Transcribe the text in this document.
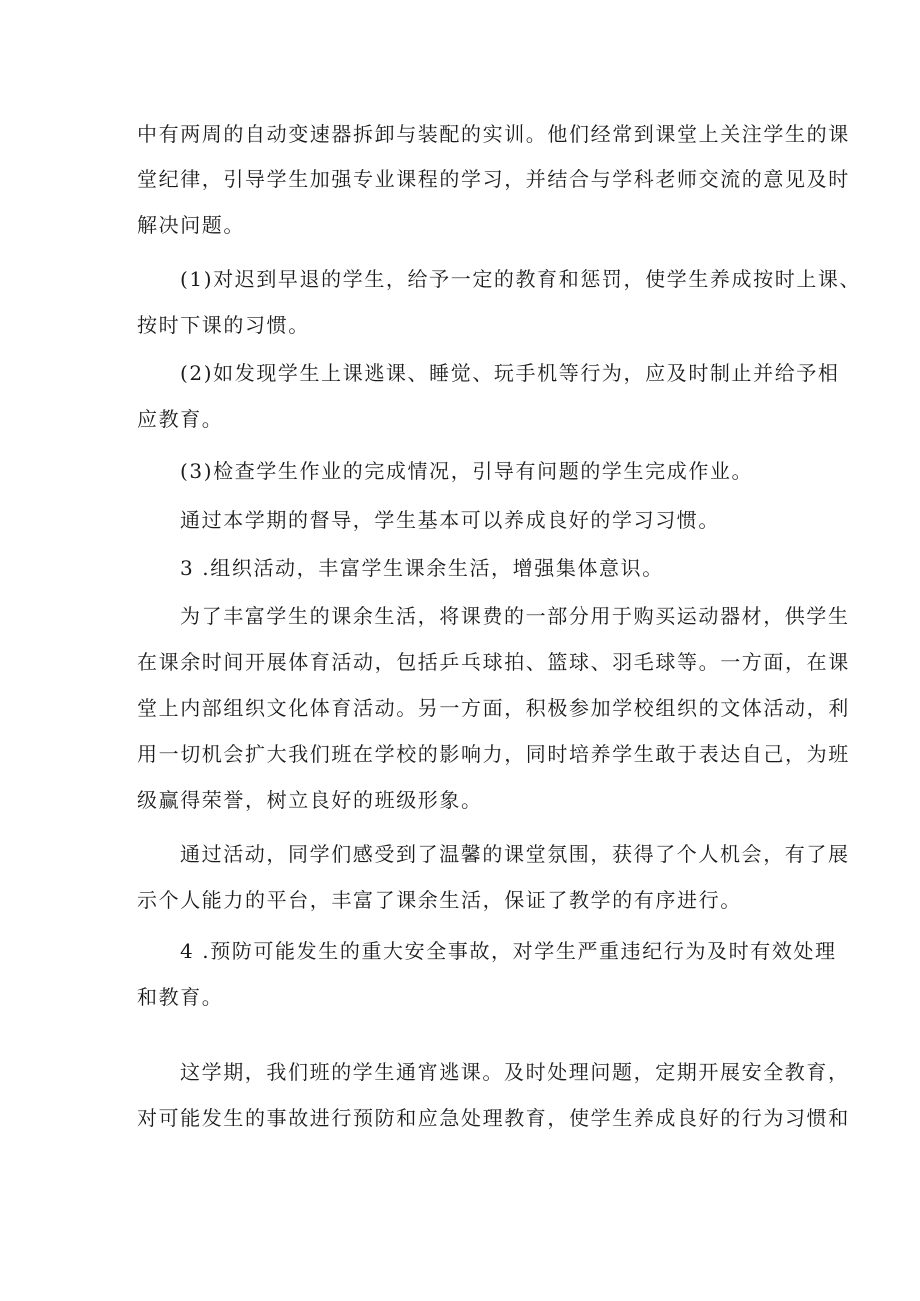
中有两周的自动变速器拆卸与装配的实训。他们经常到课堂上关注学生的课
堂纪律，引导学生加强专业课程的学习，并结合与学科老师交流的意见及时
解决问题。
(1)对迟到早退的学生，给予一定的教育和惩罚，使学生养成按时上课、
按时下课的习惯。
(2)如发现学生上课逃课、睡觉、玩手机等行为，应及时制止并给予相
应教育。
(3)检查学生作业的完成情况，引导有问题的学生完成作业。
通过本学期的督导，学生基本可以养成良好的学习习惯。
3 .组织活动，丰富学生课余生活，增强集体意识。
为了丰富学生的课余生活，将课费的一部分用于购买运动器材，供学生
在课余时间开展体育活动，包括乒乓球拍、篮球、羽毛球等。一方面，在课
堂上内部组织文化体育活动。另一方面，积极参加学校组织的文体活动，利
用一切机会扩大我们班在学校的影响力，同时培养学生敢于表达自己，为班
级赢得荣誉，树立良好的班级形象。
通过活动，同学们感受到了温馨的课堂氛围，获得了个人机会，有了展
示个人能力的平台，丰富了课余生活，保证了教学的有序进行。
4 .预防可能发生的重大安全事故，对学生严重违纪行为及时有效处理
和教育。
这学期，我们班的学生通宵逃课。及时处理问题，定期开展安全教育，
对可能发生的事故进行预防和应急处理教育，使学生养成良好的行为习惯和
